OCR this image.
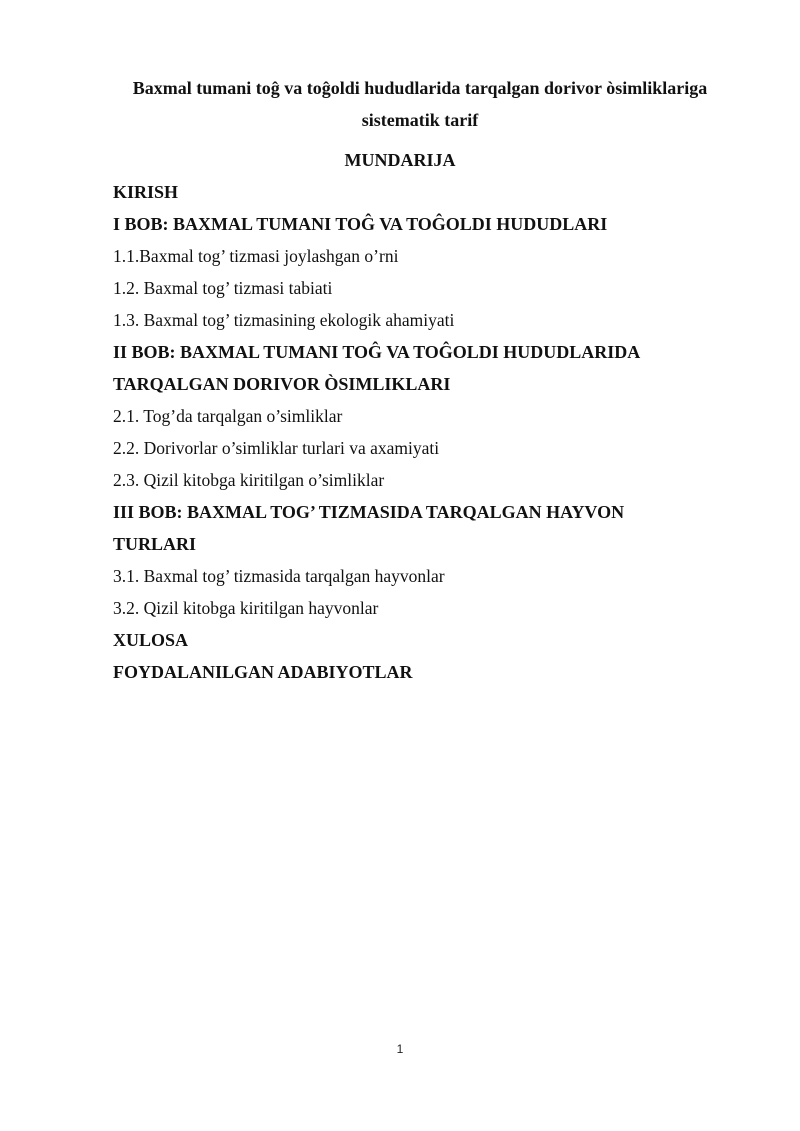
Baxmal tumani toĝ va toĝoldi hududlarida tarqalgan dorivor òsimliklariga
sistematik tarif
MUNDARIJA
KIRISH
I BOB: BAXMAL TUMANI TOĜ VA TOĜOLDI HUDUDLARI
1.1.Baxmal tog’ tizmasi joylashgan o’rni
1.2. Baxmal tog’ tizmasi tabiati
1.3. Baxmal tog’ tizmasining ekologik ahamiyati
II BOB: BAXMAL TUMANI TOĜ VA TOĜOLDI HUDUDLARIDA
TARQALGAN DORIVOR ÒSIMLIKLARI
2.1. Tog’da tarqalgan o’simliklar
2.2. Dorivorlar o’simliklar turlari va axamiyati
2.3. Qizil kitobga kiritilgan o’simliklar
III BOB: BAXMAL TOG’ TIZMASIDA TARQALGAN HAYVON
TURLARI
3.1. Baxmal tog’ tizmasida tarqalgan hayvonlar
3.2. Qizil kitobga kiritilgan hayvonlar
XULOSA
FOYDALANILGAN ADABIYOTLAR
1
